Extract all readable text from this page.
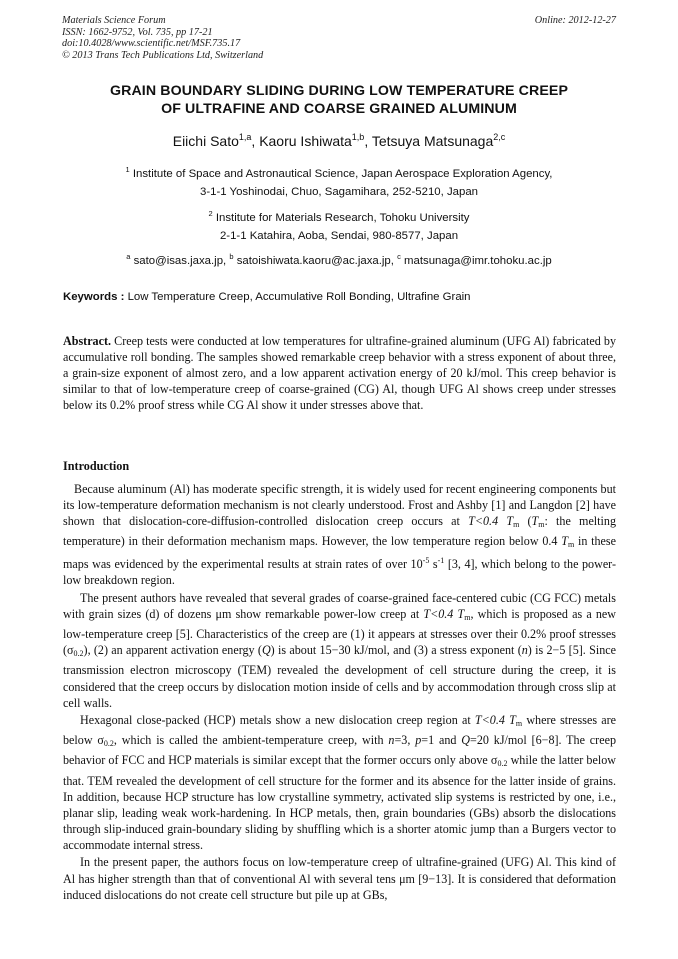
Materials Science Forum
ISSN: 1662-9752, Vol. 735, pp 17-21
doi:10.4028/www.scientific.net/MSF.735.17
© 2013 Trans Tech Publications Ltd, Switzerland
Online: 2012-12-27
GRAIN BOUNDARY SLIDING DURING LOW TEMPERATURE CREEP
OF ULTRAFINE AND COARSE GRAINED ALUMINUM
Eiichi Sato$^{1,a}$, Kaoru Ishiwata$^{1,b}$, Tetsuya Matsunaga$^{2,c}$
$^1$ Institute of Space and Astronautical Science, Japan Aerospace Exploration Agency,
3-1-1 Yoshinodai, Chuo, Sagamihara, 252-5210, Japan
$^2$ Institute for Materials Research, Tohoku University
2-1-1 Katahira, Aoba, Sendai, 980-8577, Japan
$^a$ sato@isas.jaxa.jp, $^b$ satoishiwata.kaoru@ac.jaxa.jp, $^c$ matsunaga@imr.tohoku.ac.jp
Keywords : Low Temperature Creep, Accumulative Roll Bonding, Ultrafine Grain
Abstract. Creep tests were conducted at low temperatures for ultrafine-grained aluminum (UFG Al) fabricated by accumulative roll bonding. The samples showed remarkable creep behavior with a stress exponent of about three, a grain-size exponent of almost zero, and a low apparent activation energy of 20 kJ/mol. This creep behavior is similar to that of low-temperature creep of coarse-grained (CG) Al, though UFG Al shows creep under stresses below its 0.2% proof stress while CG Al show it under stresses above that.
Introduction

Because aluminum (Al) has moderate specific strength, it is widely used for recent engineering components but its low-temperature deformation mechanism is not clearly understood. Frost and Ashby [1] and Langdon [2] have shown that dislocation-core-diffusion-controlled dislocation creep occurs at T<0.4 $T_m$ ($T_m$: the melting temperature) in their deformation mechanism maps. However, the low temperature region below 0.4 $T_m$ in these maps was evidenced by the experimental results at strain rates of over $10^{-5}$ $s^{-1}$ [3, 4], which belong to the power-low breakdown region.

The present authors have revealed that several grades of coarse-grained face-centered cubic (CG FCC) metals with grain sizes (d) of dozens μm show remarkable power-low creep at T<0.4 $T_m$, which is proposed as a new low-temperature creep [5]. Characteristics of the creep are (1) it appears at stresses over their 0.2% proof stresses $(\sigma_{0.2})$, (2) an apparent activation energy (Q) is about 15−30 kJ/mol, and (3) a stress exponent (n) is 2−5 [5]. Since transmission electron microscopy (TEM) revealed the development of cell structure during the creep, it is considered that the creep occurs by dislocation motion inside of cells and by accommodation through cross slip at cell walls.

Hexagonal close-packed (HCP) metals show a new dislocation creep region at T<0.4 $T_m$ where stresses are below $\sigma_{0.2}$, which is called the ambient-temperature creep, with n=3, p=1 and Q=20 kJ/mol [6−8]. The creep behavior of FCC and HCP materials is similar except that the former occurs only above $\sigma_{0.2}$ while the latter below that. TEM revealed the development of cell structure for the former and its absence for the latter inside of grains. In addition, because HCP structure has low crystalline symmetry, activated slip systems is restricted by one, i.e., planar slip, leading weak work-hardening. In HCP metals, then, grain boundaries (GBs) absorb the dislocations through slip-induced grain-boundary sliding by shuffling which is a shorter atomic jump than a Burgers vector to accommodate internal stress.

In the present paper, the authors focus on low-temperature creep of ultrafine-grained (UFG) Al. This kind of Al has higher strength than that of conventional Al with several tens μm [9−13]. It is considered that deformation induced dislocations do not create cell structure but pile up at GBs,
